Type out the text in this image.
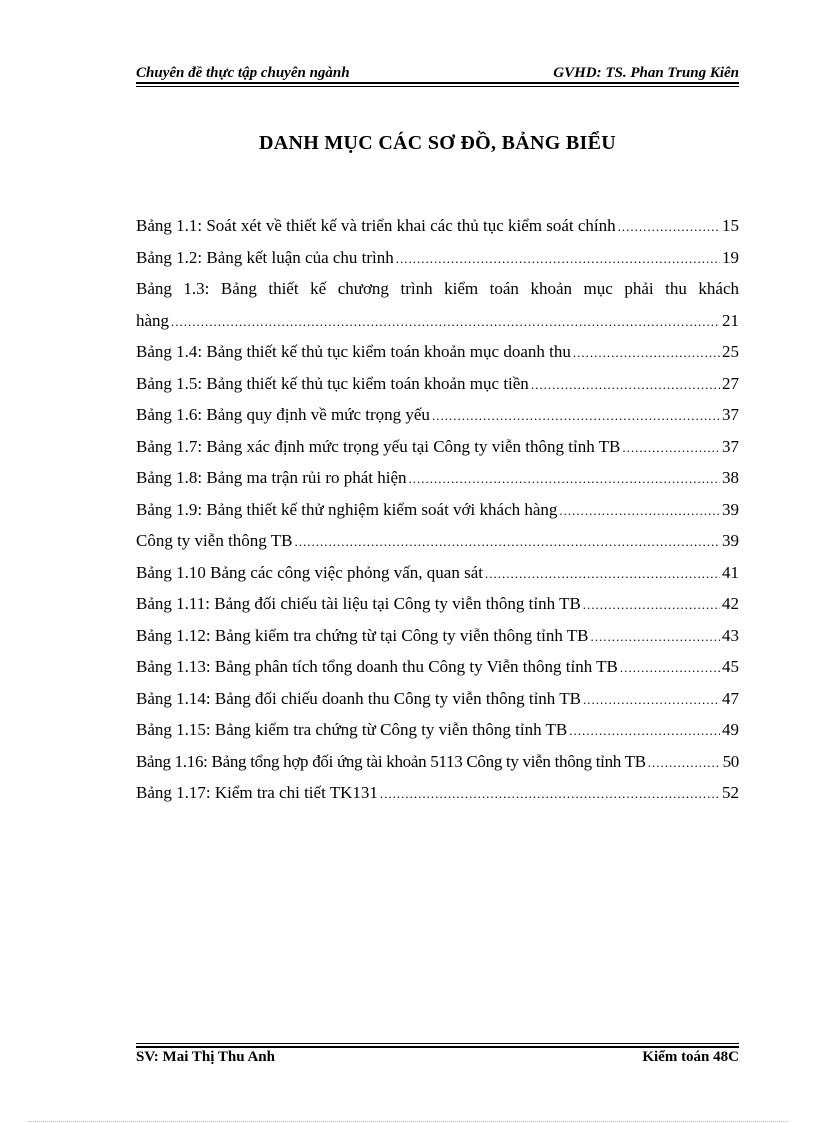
Chuyên đề thực tập chuyên ngành	GVHD: TS. Phan Trung Kiên
DANH MỤC CÁC SƠ ĐỒ, BẢNG BIỂU
Bảng 1.1: Soát xét về thiết kế và triển khai các thủ tục kiểm soát chính .....	15
Bảng 1.2: Bảng kết luận của chu trình .....	19
Bảng 1.3: Bảng thiết kế chương trình kiểm toán khoản mục phải thu khách
hàng .....	21
Bảng 1.4: Bảng thiết kế thủ tục kiểm toán khoản mục doanh thu .....	25
Bảng 1.5: Bảng thiết kế thủ tục kiểm toán khoản mục tiền .....	27
Bảng 1.6: Bảng quy định về mức trọng yếu .....	37
Bảng 1.7: Bảng xác định mức trọng yếu tại Công ty viễn thông tỉnh TB .....	37
Bảng 1.8: Bảng ma trận rủi ro phát hiện .....	38
Bảng 1.9: Bảng thiết kế thử nghiệm kiểm soát với khách hàng .....	39
Công ty viễn thông TB .....	39
Bảng 1.10 Bảng các công việc phỏng vấn, quan sát .....	41
Bảng 1.11: Bảng đối chiếu tài liệu tại Công ty viễn thông tỉnh TB .....	42
Bảng 1.12: Bảng kiểm tra chứng từ tại Công ty viễn thông tỉnh TB .....	43
Bảng 1.13: Bảng phân tích tổng doanh thu Công ty Viễn thông tỉnh TB .....	45
Bảng 1.14: Bảng đối chiếu doanh thu Công ty viễn thông tỉnh TB .....	47
Bảng 1.15: Bảng kiểm tra chứng từ Công ty viễn thông tỉnh TB .....	49
Bảng 1.16: Bảng tổng hợp đối ứng tài khoản 5113 Công ty viễn thông tỉnh TB .....	50
Bảng 1.17: Kiểm tra chi tiết TK131 .....	52
SV: Mai Thị Thu Anh	Kiểm toán 48C
